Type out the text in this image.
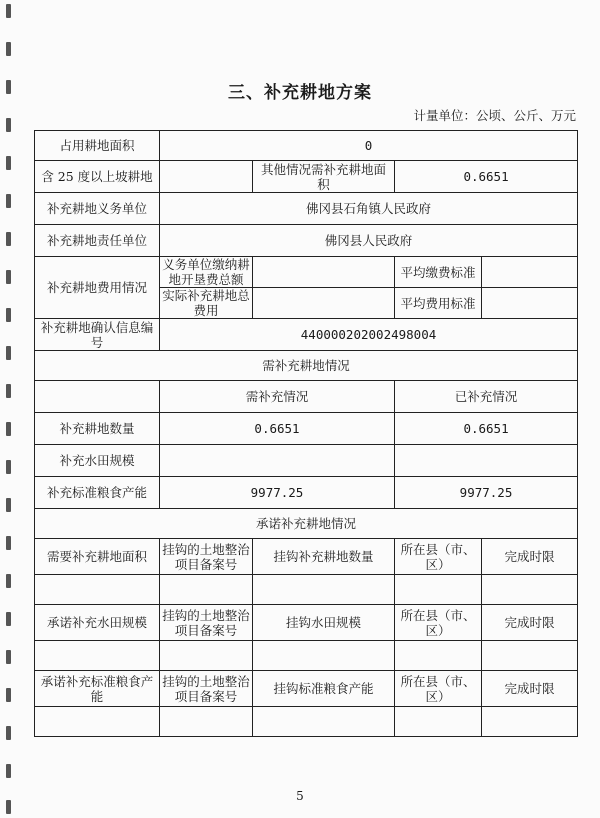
三、补充耕地方案
计量单位：公顷、公斤、万元
占用耕地面积	0			
含 25 度以上坡耕地		其他情况需补充耕地面积	0.6651	
补充耕地义务单位	佛冈县石角镇人民政府			
补充耕地责任单位	佛冈县人民政府			
补充耕地费用情况	义务单位缴纳耕地开垦费总额		平均缴费标准	
	实际补充耕地总费用		平均费用标准	
补充耕地确认信息编号	440000202002498004			
需补充耕地情况				
	需补充情况		已补充情况	
补充耕地数量	0.6651		0.6651	
补充水田规模				
补充标准粮食产能	9977.25		9977.25	
承诺补充耕地情况				
需要补充耕地面积	挂钩的土地整治项目备案号	挂钩补充耕地数量	所在县（市、区）	完成时限

承诺补充水田规模	挂钩的土地整治项目备案号	挂钩水田规模	所在县（市、区）	完成时限

承诺补充标准粮食产能	挂钩的土地整治项目备案号	挂钩标准粮食产能	所在县（市、区）	完成时限

5
